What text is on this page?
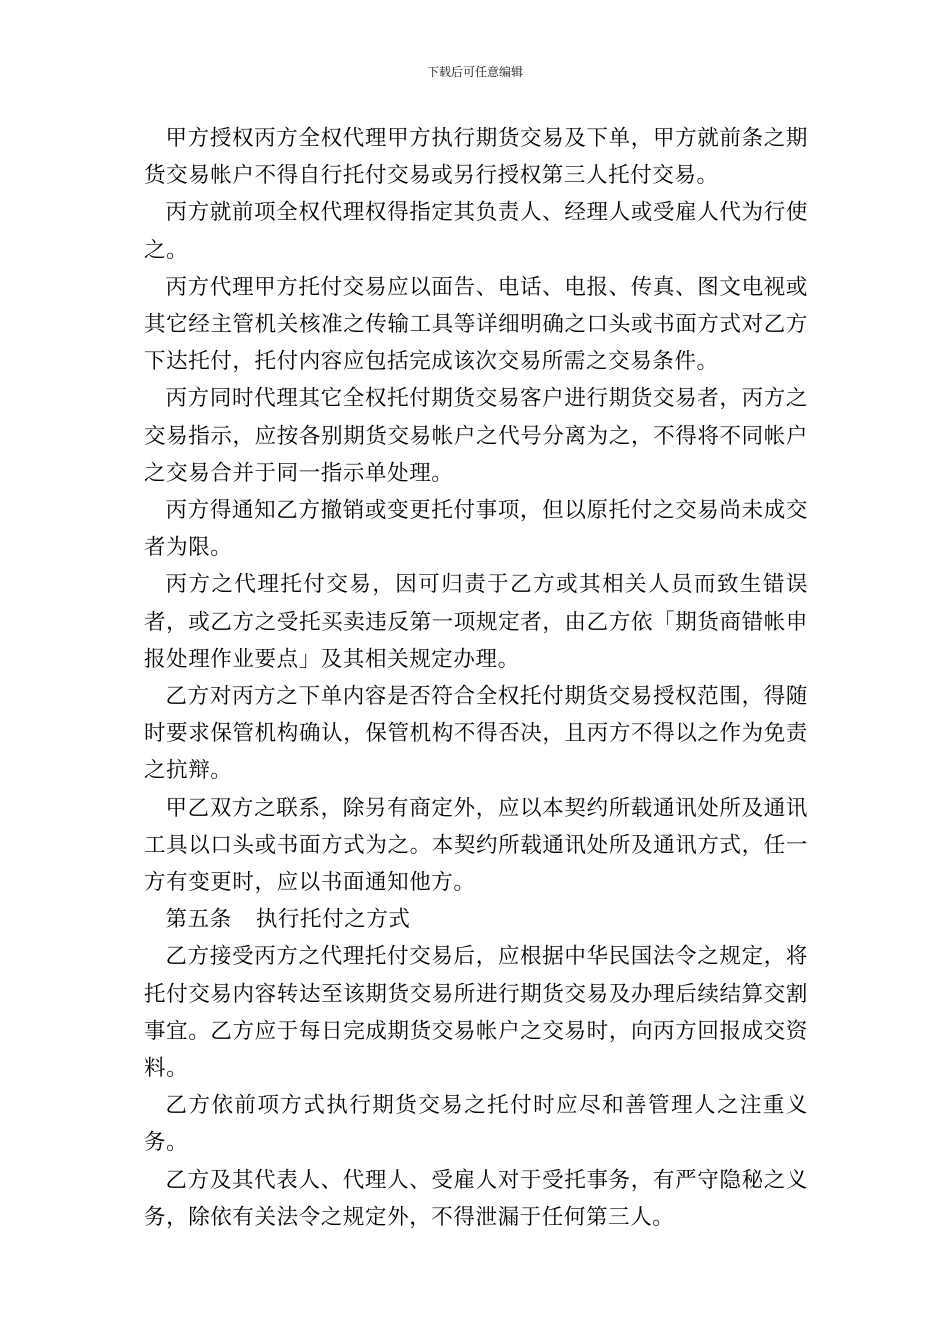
下载后可任意编辑

甲方授权丙方全权代理甲方执行期货交易及下单，甲方就前条之期货交易帐户不得自行托付交易或另行授权第三人托付交易。

丙方就前项全权代理权得指定其负责人、经理人或受雇人代为行使之。

丙方代理甲方托付交易应以面告、电话、电报、传真、图文电视或其它经主管机关核准之传输工具等详细明确之口头或书面方式对乙方下达托付，托付内容应包括完成该次交易所需之交易条件。

丙方同时代理其它全权托付期货交易客户进行期货交易者，丙方之交易指示，应按各别期货交易帐户之代号分离为之，不得将不同帐户之交易合并于同一指示单处理。

丙方得通知乙方撤销或变更托付事项，但以原托付之交易尚未成交者为限。

丙方之代理托付交易，因可归责于乙方或其相关人员而致生错误者，或乙方之受托买卖违反第一项规定者，由乙方依「期货商错帐申报处理作业要点」及其相关规定办理。

乙方对丙方之下单内容是否符合全权托付期货交易授权范围，得随时要求保管机构确认，保管机构不得否决，且丙方不得以之作为免责之抗辩。

甲乙双方之联系，除另有商定外，应以本契约所载通讯处所及通讯工具以口头或书面方式为之。本契约所载通讯处所及通讯方式，任一方有变更时，应以书面通知他方。

第五条 执行托付之方式

乙方接受丙方之代理托付交易后，应根据中华民国法令之规定，将托付交易内容转达至该期货交易所进行期货交易及办理后续结算交割事宜。乙方应于每日完成期货交易帐户之交易时，向丙方回报成交资料。

乙方依前项方式执行期货交易之托付时应尽和善管理人之注重义务。

乙方及其代表人、代理人、受雇人对于受托事务，有严守隐秘之义务，除依有关法令之规定外，不得泄漏于任何第三人。
